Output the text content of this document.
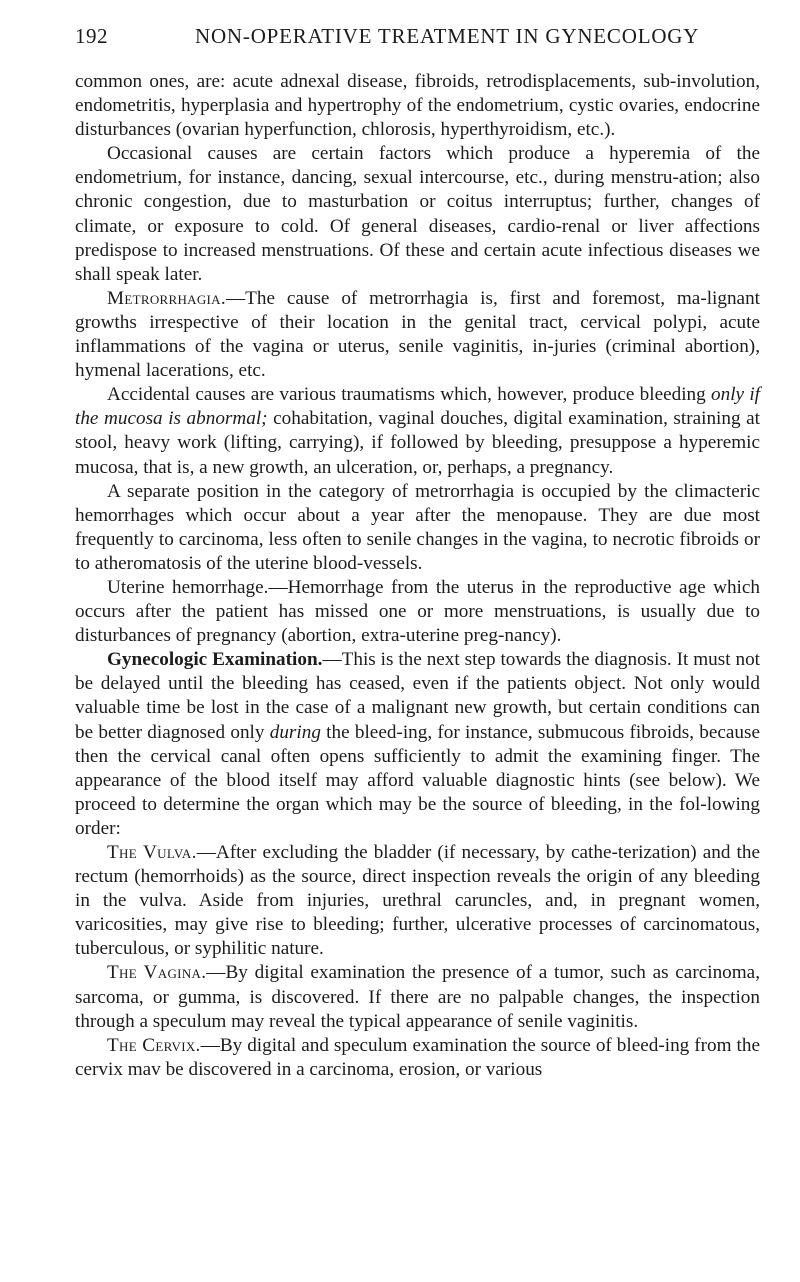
192	NON-OPERATIVE TREATMENT IN GYNECOLOGY

common ones, are: acute adnexal disease, fibroids, retrodisplacements, sub-involution, endometritis, hyperplasia and hypertrophy of the endometrium, cystic ovaries, endocrine disturbances (ovarian hyperfunction, chlorosis, hyperthyroidism, etc.).

Occasional causes are certain factors which produce a hyperemia of the endometrium, for instance, dancing, sexual intercourse, etc., during menstru-ation; also chronic congestion, due to masturbation or coitus interruptus; further, changes of climate, or exposure to cold. Of general diseases, cardio-renal or liver affections predispose to increased menstruations. Of these and certain acute infectious diseases we shall speak later.

Metrorrhagia.—The cause of metrorrhagia is, first and foremost, ma-lignant growths irrespective of their location in the genital tract, cervical polypi, acute inflammations of the vagina or uterus, senile vaginitis, in-juries (criminal abortion), hymenal lacerations, etc.

Accidental causes are various traumatisms which, however, produce bleeding only if the mucosa is abnormal; cohabitation, vaginal douches, digital examination, straining at stool, heavy work (lifting, carrying), if followed by bleeding, presuppose a hyperemic mucosa, that is, a new growth, an ulceration, or, perhaps, a pregnancy.

A separate position in the category of metrorrhagia is occupied by the climacteric hemorrhages which occur about a year after the menopause. They are due most frequently to carcinoma, less often to senile changes in the vagina, to necrotic fibroids or to atheromatosis of the uterine blood-vessels.

Uterine hemorrhage.—Hemorrhage from the uterus in the reproductive age which occurs after the patient has missed one or more menstruations, is usually due to disturbances of pregnancy (abortion, extra-uterine preg-nancy).

Gynecologic Examination.—This is the next step towards the diagnosis. It must not be delayed until the bleeding has ceased, even if the patients object. Not only would valuable time be lost in the case of a malignant new growth, but certain conditions can be better diagnosed only during the bleed-ing, for instance, submucous fibroids, because then the cervical canal often opens sufficiently to admit the examining finger. The appearance of the blood itself may afford valuable diagnostic hints (see below). We proceed to determine the organ which may be the source of bleeding, in the fol-lowing order:

The Vulva.—After excluding the bladder (if necessary, by cathe-terization) and the rectum (hemorrhoids) as the source, direct inspection reveals the origin of any bleeding in the vulva. Aside from injuries, urethral caruncles, and, in pregnant women, varicosities, may give rise to bleeding; further, ulcerative processes of carcinomatous, tuberculous, or syphilitic nature.

The Vagina.—By digital examination the presence of a tumor, such as carcinoma, sarcoma, or gumma, is discovered. If there are no palpable changes, the inspection through a speculum may reveal the typical appearance of senile vaginitis.

The Cervix.—By digital and speculum examination the source of bleed-ing from the cervix mav be discovered in a carcinoma, erosion, or various
